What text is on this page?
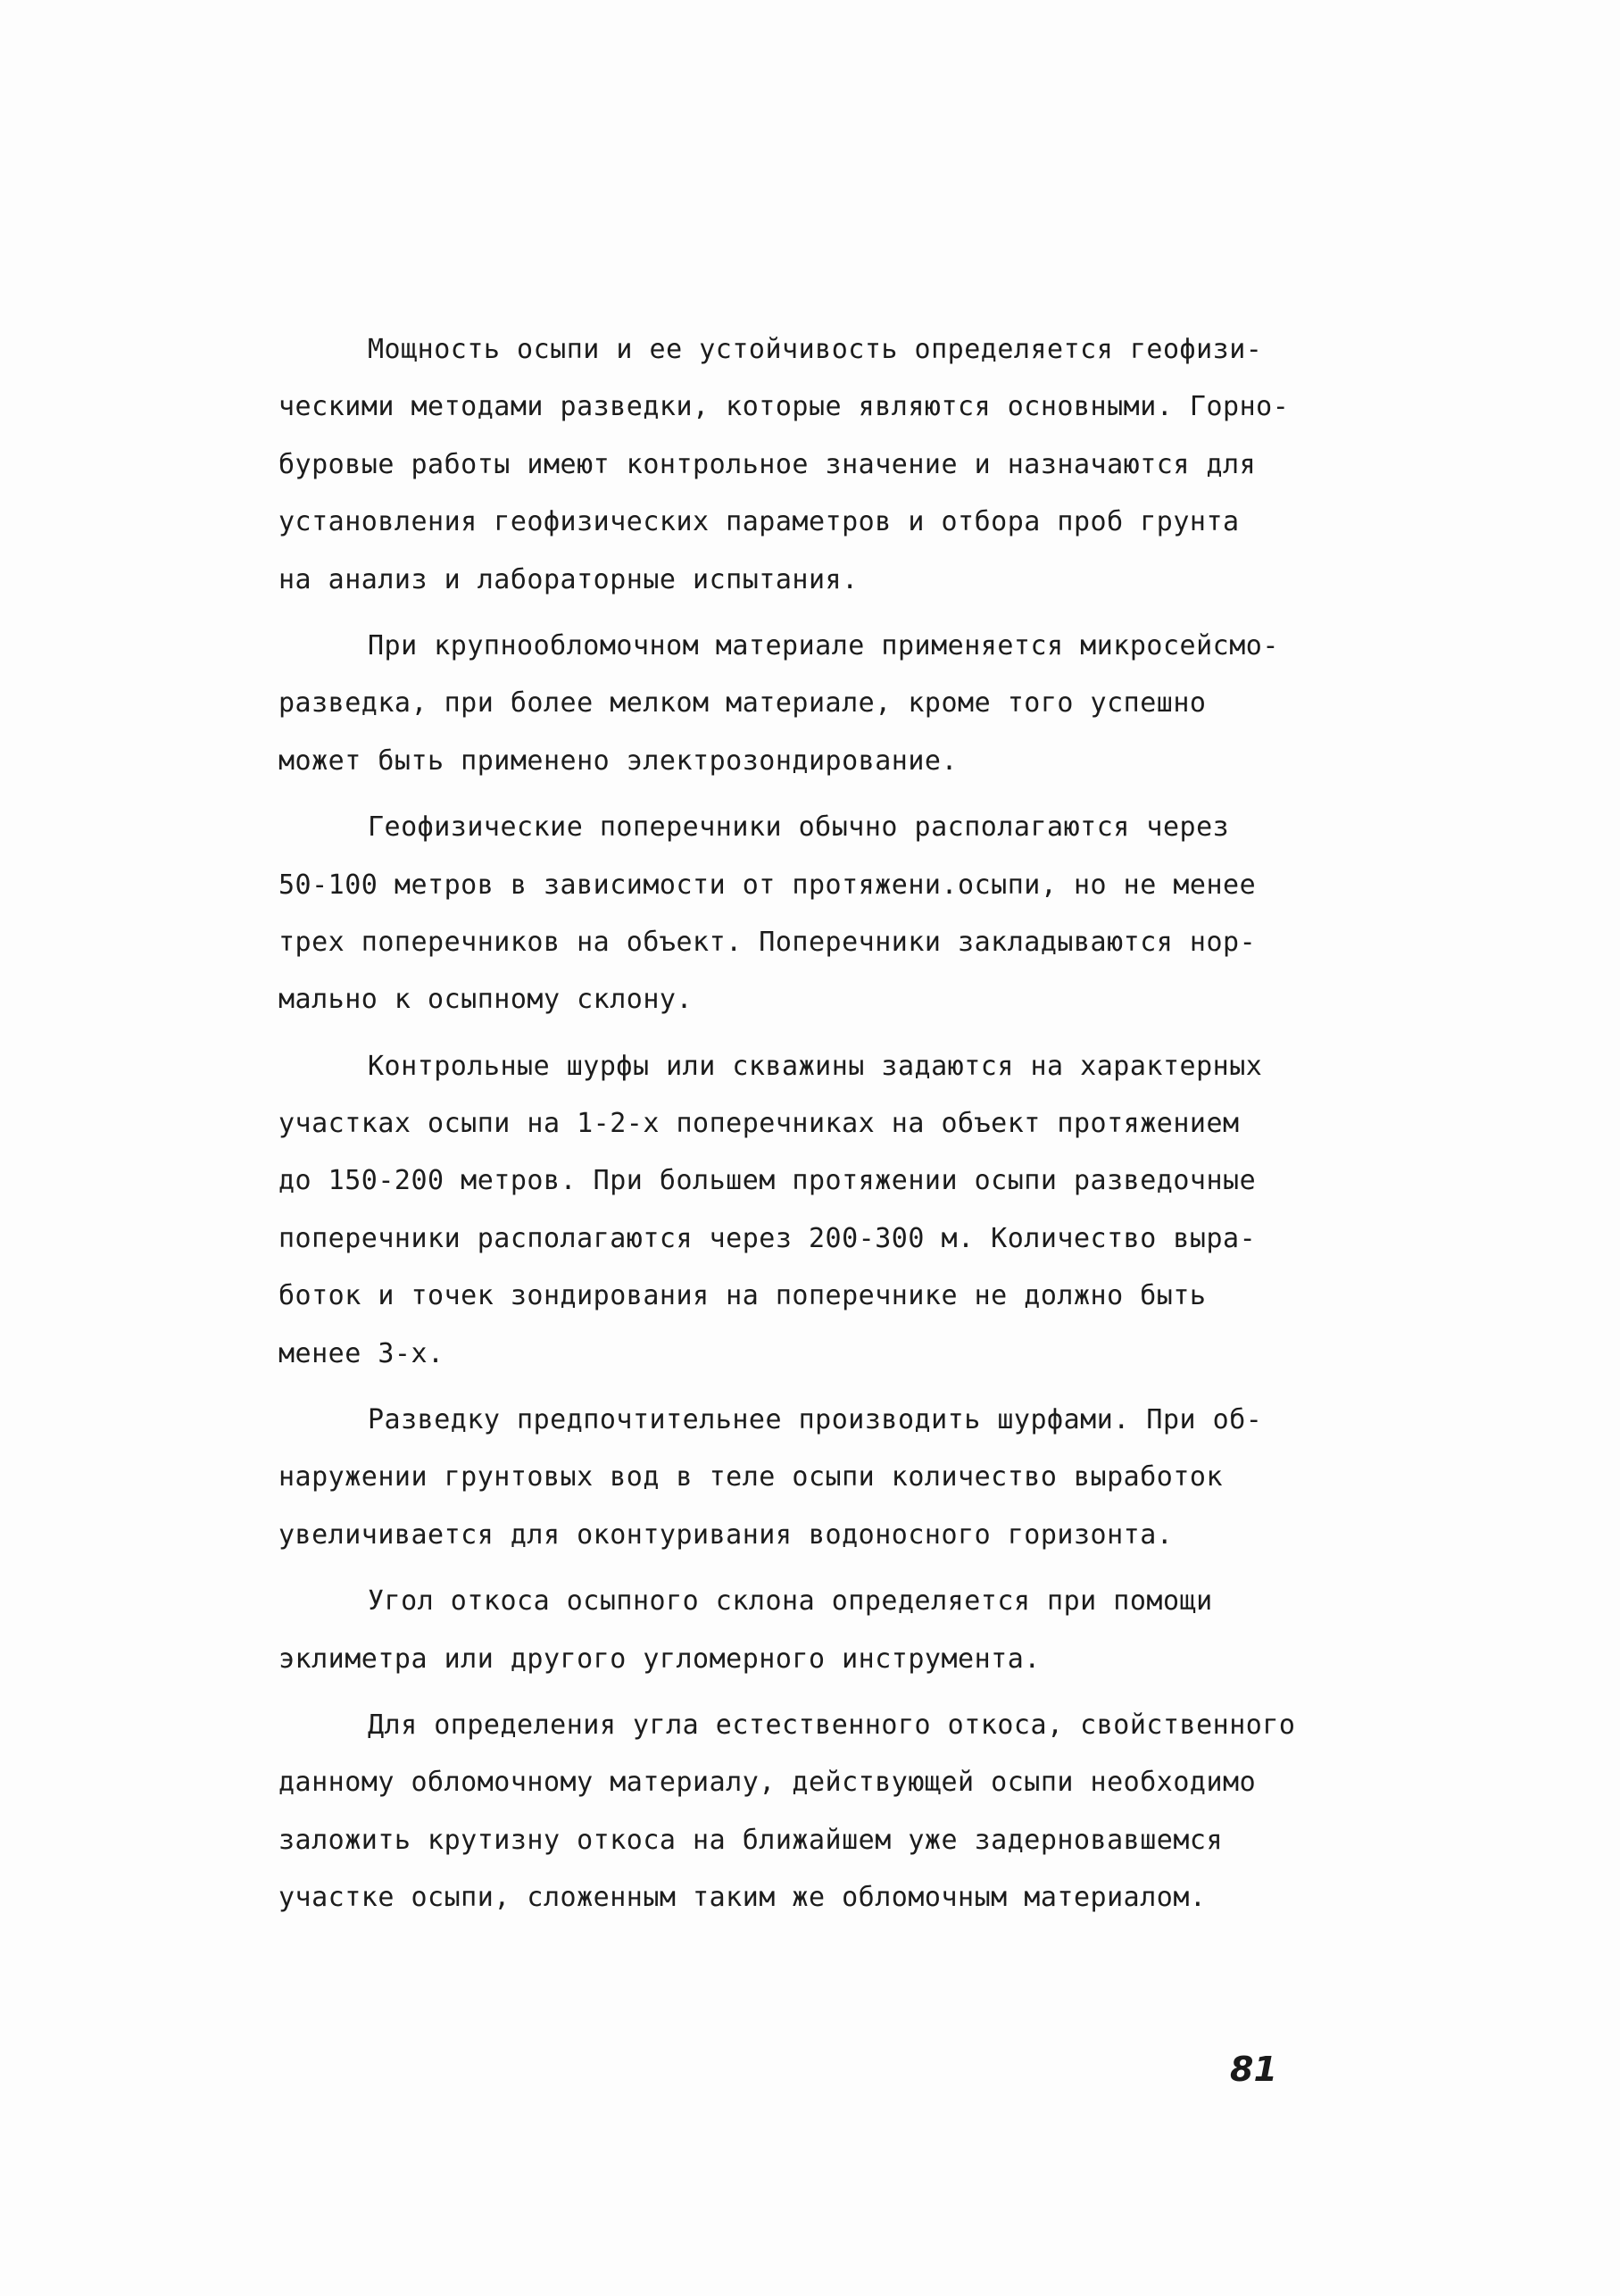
Мощность осыпи и ее устойчивость определяется геофизи-
ческими методами разведки, которые являются основными. Горно-
буровые работы имеют контрольное значение и назначаются для
установления геофизических параметров и отбора проб грунта
на анализ и лабораторные испытания.
При крупнообломочном материале применяется микросейсмо-
разведка, при более мелком материале, кроме того успешно
может быть применено электрозондирование.
Геофизические поперечники обычно располагаются через
50-100 метров в зависимости от протяжени.осыпи, но не менее
трех поперечников на объект. Поперечники закладываются нор-
мально к осыпному склону.
Контрольные шурфы или скважины задаются на характерных
участках осыпи на 1-2-х поперечниках на объект протяжением
до 150-200 метров. При большем протяжении осыпи разведочные
поперечники располагаются через 200-300 м. Количество выра-
боток и точек зондирования на поперечнике не должно быть
менее 3-х.
Разведку предпочтительнее производить шурфами. При об-
наружении грунтовых вод в теле осыпи количество выработок
увеличивается для оконтуривания водоносного горизонта.
Угол откоса осыпного склона определяется при помощи
эклиметра или другого угломерного инструмента.
Для определения угла естественного откоса, свойственного
данному обломочному материалу, действующей осыпи необходимо
заложить крутизну откоса на ближайшем уже задерновавшемся
участке осыпи, сложенным таким же обломочным материалом.
81
